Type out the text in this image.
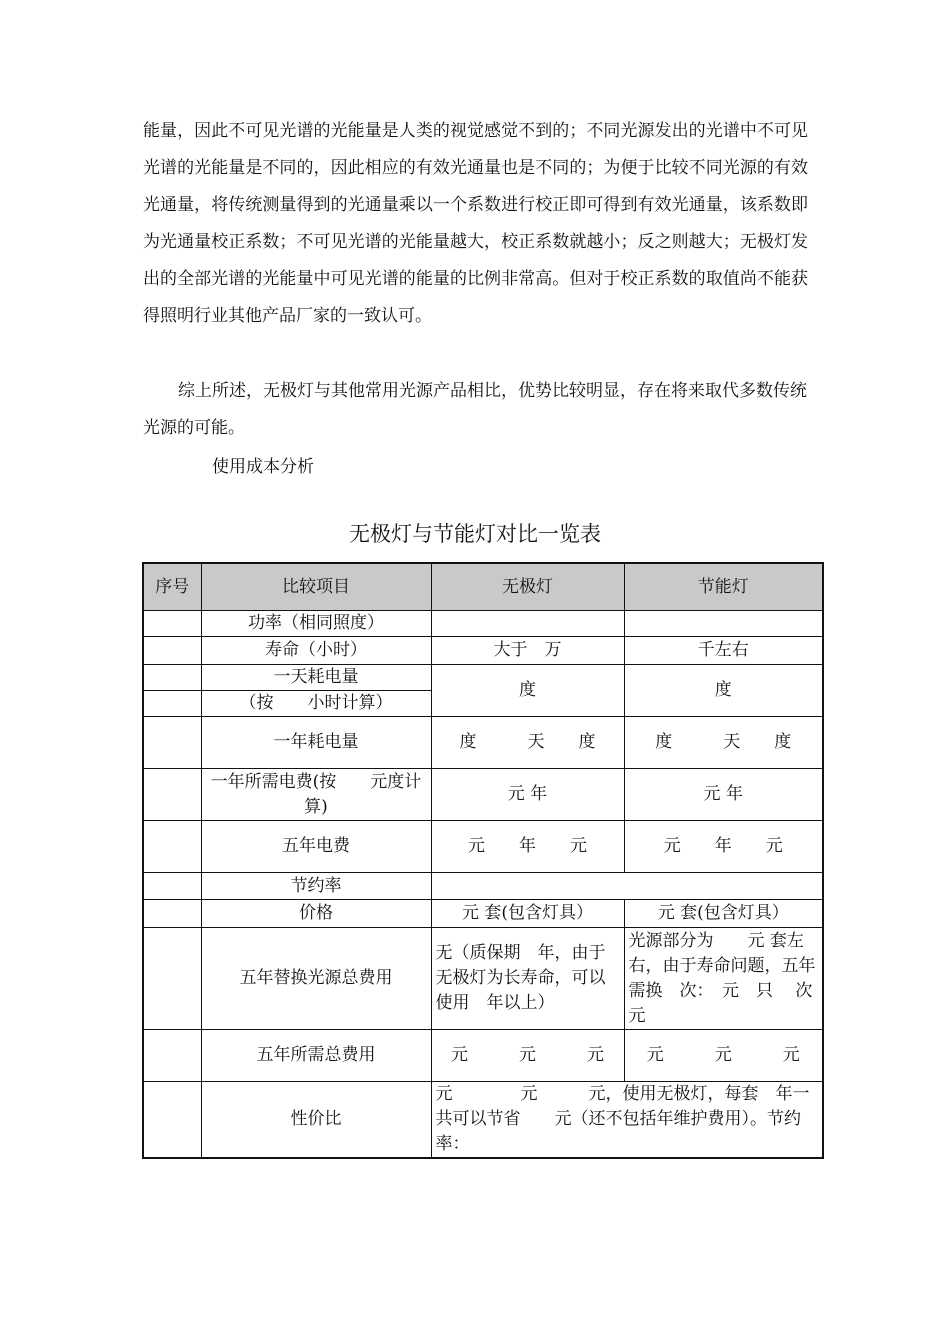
能量，因此不可见光谱的光能量是人类的视觉感觉不到的；不同光源发出的光谱中不可见光谱的光能量是不同的，因此相应的有效光通量也是不同的；为便于比较不同光源的有效光通量，将传统测量得到的光通量乘以一个系数进行校正即可得到有效光通量，该系数即为光通量校正系数；不可见光谱的光能量越大，校正系数就越小；反之则越大；无极灯发出的全部光谱的光能量中可见光谱的能量的比例非常高。但对于校正系数的取值尚不能获得照明行业其他产品厂家的一致认可。

综上所述，无极灯与其他常用光源产品相比，优势比较明显，存在将来取代多数传统光源的可能。

使用成本分析

无极灯与节能灯对比一览表

序号	比较项目	无极灯	节能灯
	功率（相同照度）		
	寿命（小时）	大于　万	千左右
	一天耗电量	度	度
	（按　　小时计算）		
	一年耗电量	度　　　天　　度	度　　　天　　度
	一年所需电费(按　　元度计算)	元 年	元 年
	五年电费	元　　年　　元	元　　年　　元
	节约率		
	价格	元 套(包含灯具）	元 套(包含灯具）
	五年替换光源总费用	无（质保期　年，由于无极灯为长寿命，可以使用　年以上）	光源部分为　　元 套左右，由于寿命问题，五年需换　次：　元　只　 次　　元
	五年所需总费用	元　　　元　　　元	元　　　元　　　元
	性价比	元　　　　元　　　元，使用无极灯，每套　年一共可以节省　　元（还不包括年维护费用）。节约率：	
